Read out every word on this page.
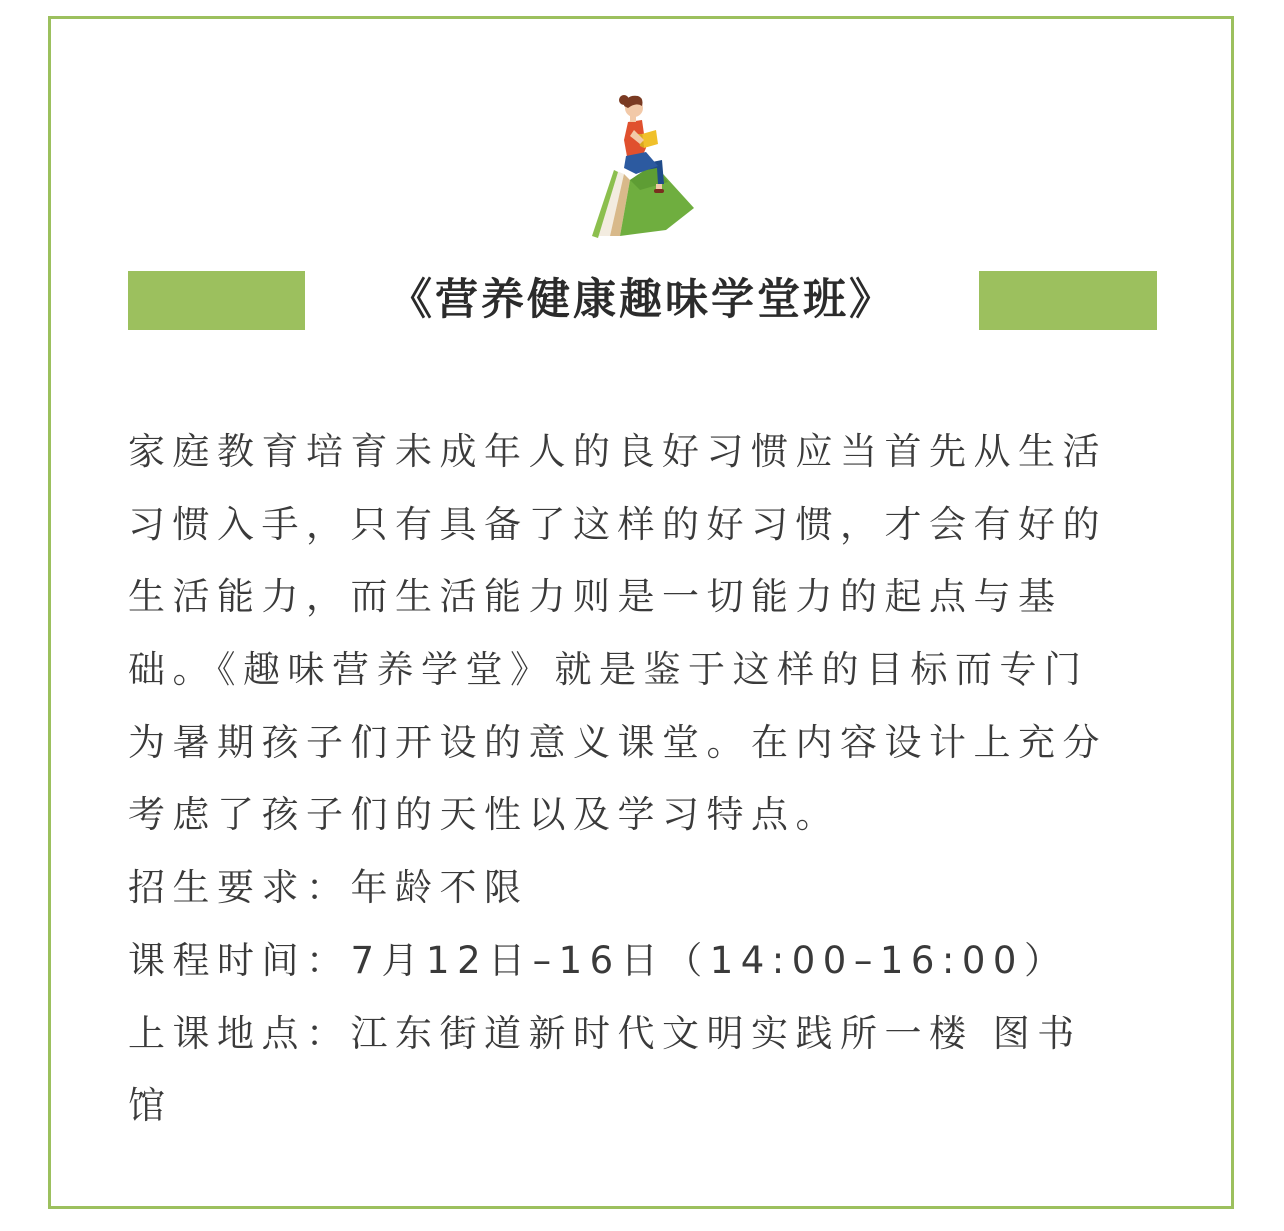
《营养健康趣味学堂班》
家庭教育培育未成年人的良好习惯应当首先从生活
习惯入手，只有具备了这样的好习惯，才会有好的
生活能力，而生活能力则是一切能力的起点与基
础。《趣味营养学堂》就是鉴于这样的目标而专门
为暑期孩子们开设的意义课堂。在内容设计上充分
考虑了孩子们的天性以及学习特点。
招生要求：年龄不限
课程时间：7月12日–16日（14:00–16:00）
上课地点：江东街道新时代文明实践所一楼 图书
馆
